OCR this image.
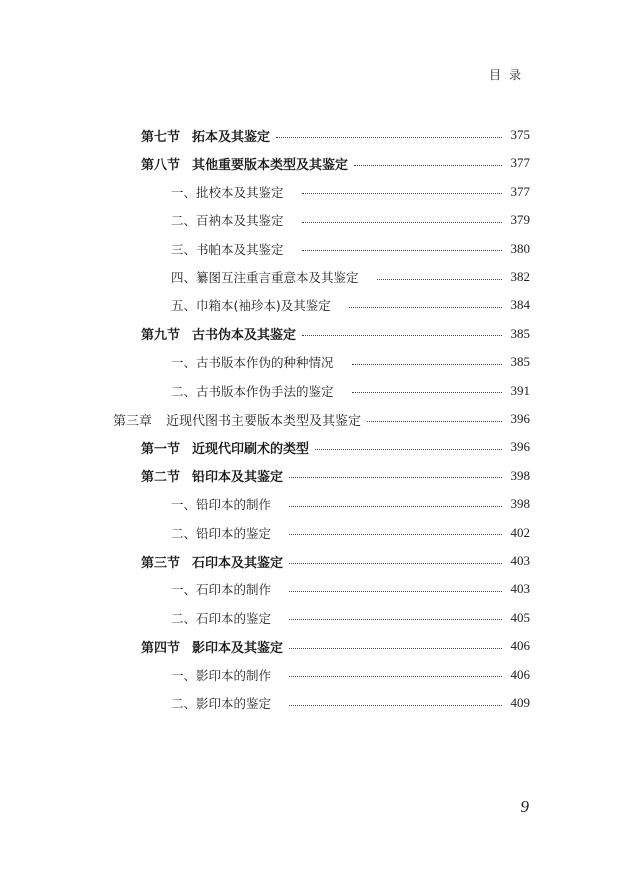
目录
第七节 拓本及其鉴定	375
第八节 其他重要版本类型及其鉴定	377
一、批校本及其鉴定	377
二、百衲本及其鉴定	379
三、书帕本及其鉴定	380
四、纂图互注重言重意本及其鉴定	382
五、巾箱本(袖珍本)及其鉴定	384
第九节 古书伪本及其鉴定	385
一、古书版本作伪的种种情况	385
二、古书版本作伪手法的鉴定	391
第三章 近现代图书主要版本类型及其鉴定	396
第一节 近现代印刷术的类型	396
第二节 铅印本及其鉴定	398
一、铅印本的制作	398
二、铅印本的鉴定	402
第三节 石印本及其鉴定	403
一、石印本的制作	403
二、石印本的鉴定	405
第四节 影印本及其鉴定	406
一、影印本的制作	406
二、影印本的鉴定	409
9
